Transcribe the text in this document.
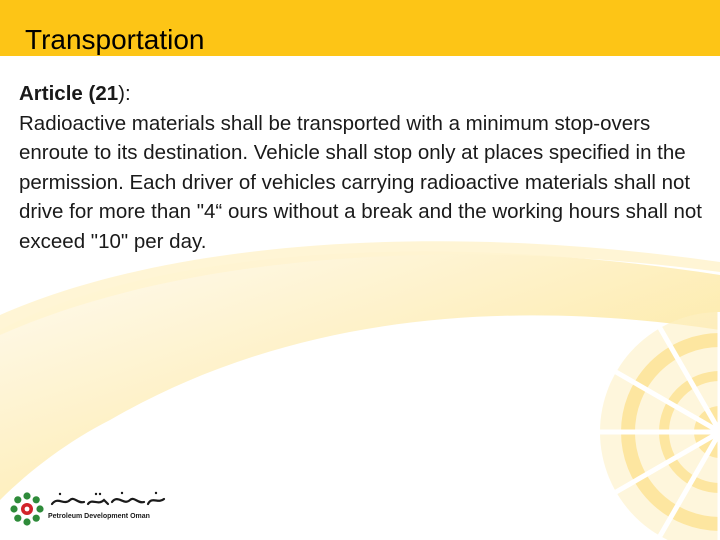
Transportation

Article (21):

Radioactive materials shall be transported with a minimum stop-overs enroute to its destination. Vehicle shall stop only at places specified in the permission. Each driver of vehicles carrying radioactive materials shall not drive for more than "4“ ours without a break and the working hours shall not exceed "10" per day.

Petroleum Development Oman
